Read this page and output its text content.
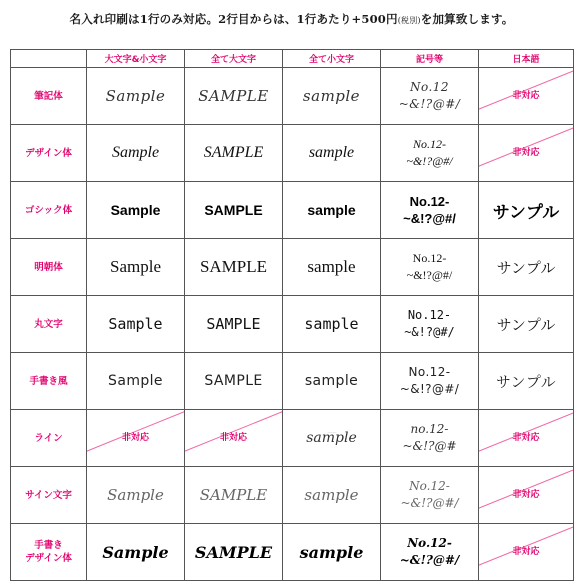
名入れ印刷は1行のみ対応。2行目からは、1行あたり+500円(税別)を加算致します。
	大文字&小文字	全て大文字	全て小文字	記号等	日本語
筆記体	Sample	SAMPLE	sample	No.12
~&!?@#/	非対応
デザイン体	Sample	SAMPLE	sample	No.12-
~&!?@#/	非対応
ゴシック体	Sample	SAMPLE	sample	No.12-
~&!?@#/	サンプル

明朝体	Sample	SAMPLE	sample	No.12-
~&!?@#/	サンプル

丸文字	Sample	SAMPLE	sample	No.12-
~&!?@#/	サンプル

手書き風	Sample	SAMPLE	sample	No.12-
~&!?@#/	サンプル

ライン	非対応	非対応	sample	no.12-
~&!?@#	非対応
サイン文字	Sample	SAMPLE	sample	No.12-
~&!?@#/	非対応

手書き
デザイン体	Sample	SAMPLE	sample	No.12-
~&!?@#/	非対応
